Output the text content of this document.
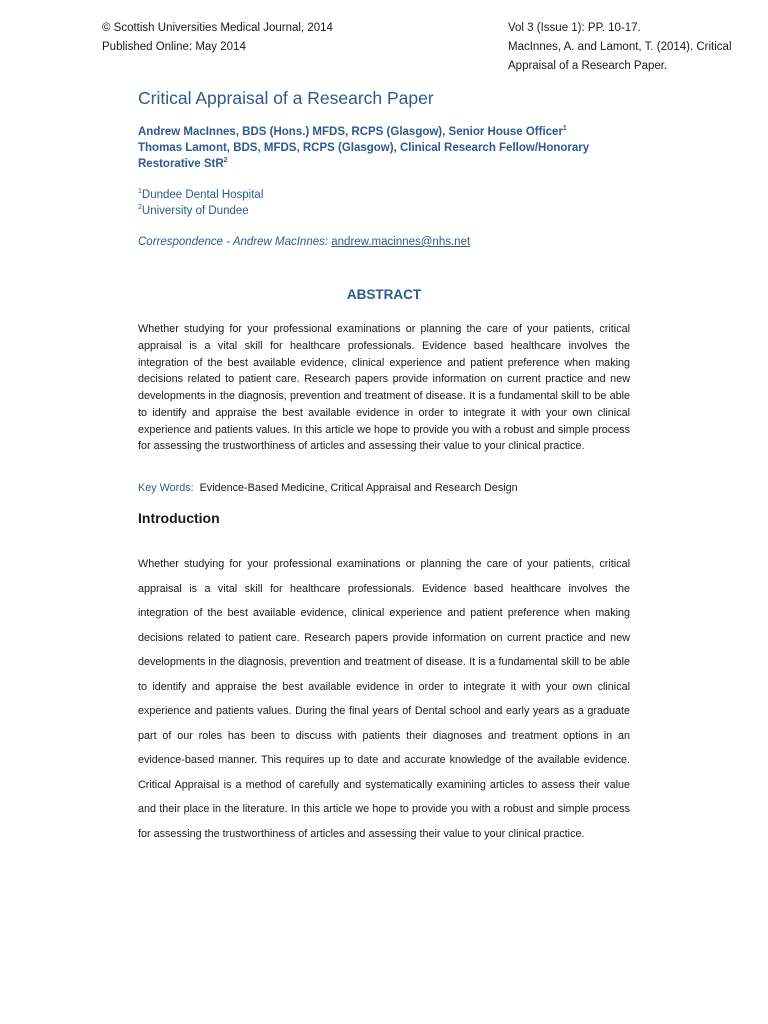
© Scottish Universities Medical Journal, 2014
Published Online: May 2014
Vol 3 (Issue 1): PP. 10-17.
MacInnes, A. and Lamont, T. (2014). Critical Appraisal of a Research Paper.
Critical Appraisal of a Research Paper
Andrew MacInnes, BDS (Hons.) MFDS, RCPS (Glasgow), Senior House Officer$^1$
Thomas Lamont, BDS, MFDS, RCPS (Glasgow), Clinical Research Fellow/Honorary
Restorative StR$^2$
$^1$Dundee Dental Hospital
$^2$University of Dundee
Correspondence - Andrew MacInnes: andrew.macinnes@nhs.net
ABSTRACT

Whether studying for your professional examinations or planning the care of your patients, critical appraisal is a vital skill for healthcare professionals. Evidence based healthcare involves the integration of the best available evidence, clinical experience and patient preference when making decisions related to patient care. Research papers provide information on current practice and new developments in the diagnosis, prevention and treatment of disease. It is a fundamental skill to be able to identify and appraise the best available evidence in order to integrate it with your own clinical experience and patients values. In this article we hope to provide you with a robust and simple process for assessing the trustworthiness of articles and assessing their value to your clinical practice.

Key Words: Evidence-Based Medicine, Critical Appraisal and Research Design
Introduction

Whether studying for your professional examinations or planning the care of your patients, critical appraisal is a vital skill for healthcare professionals. Evidence based healthcare involves the integration of the best available evidence, clinical experience and patient preference when making decisions related to patient care. Research papers provide information on current practice and new developments in the diagnosis, prevention and treatment of disease. It is a fundamental skill to be able to identify and appraise the best available evidence in order to integrate it with your own clinical experience and patients values. During the final years of Dental school and early years as a graduate part of our roles has been to discuss with patients their diagnoses and treatment options in an evidence-based manner. This requires up to date and accurate knowledge of the available evidence. Critical Appraisal is a method of carefully and systematically examining articles to assess their value and their place in the literature. In this article we hope to provide you with a robust and simple process for assessing the trustworthiness of articles and assessing their value to your clinical practice.
